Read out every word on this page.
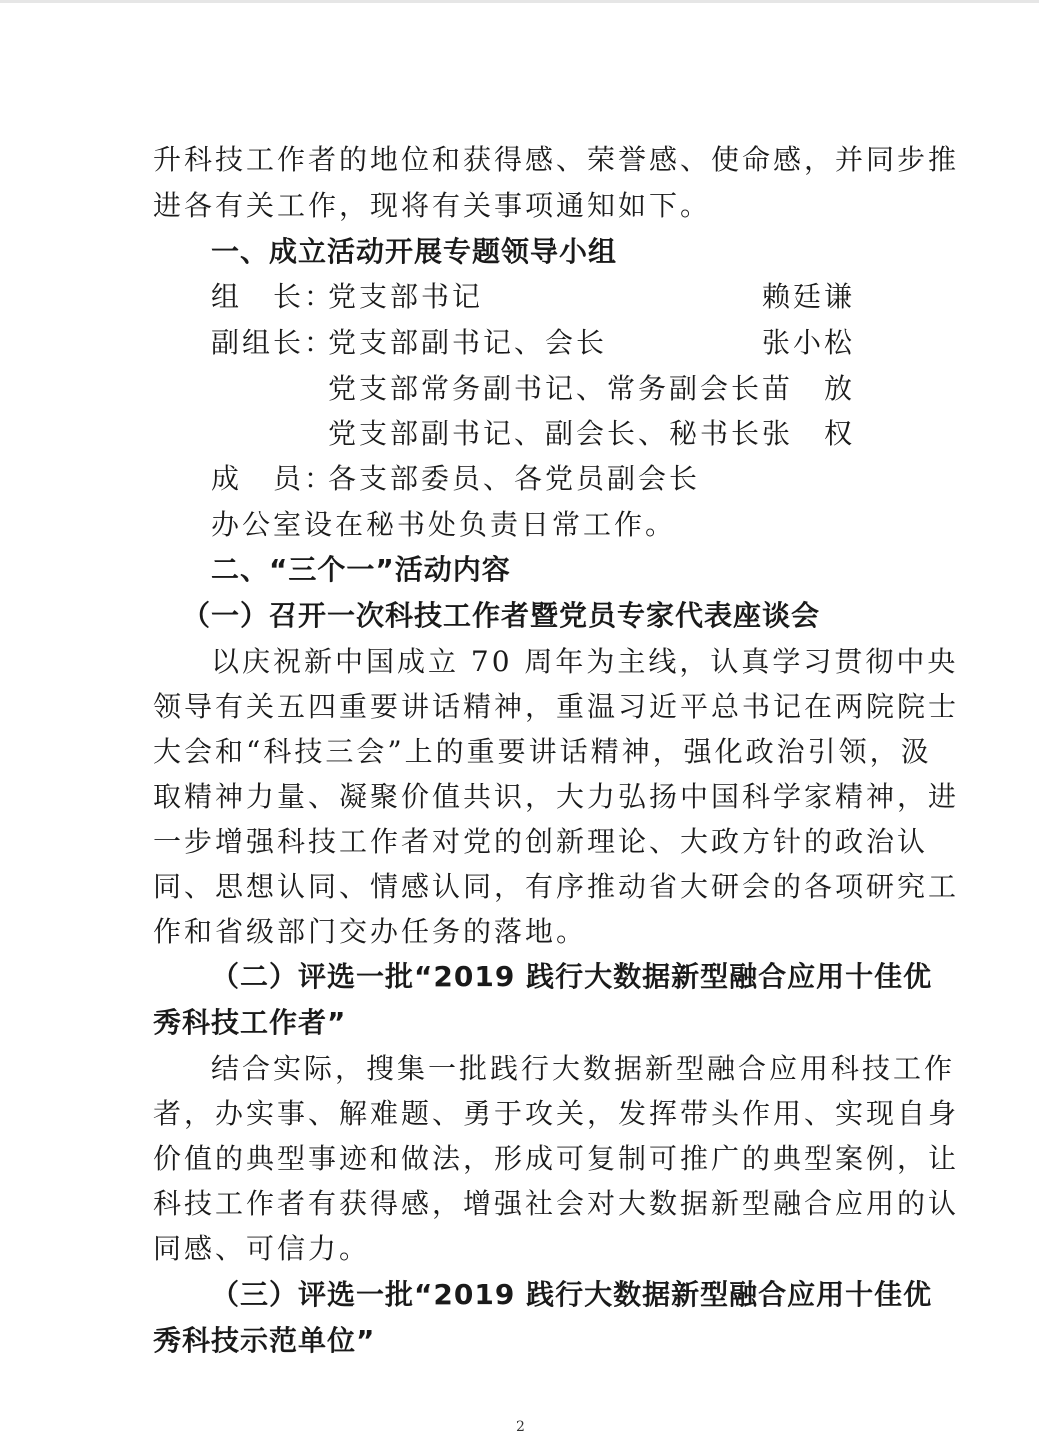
升科技工作者的地位和获得感、荣誉感、使命感，并同步推
进各有关工作，现将有关事项通知如下。
一、成立活动开展专题领导小组
组　长：
党支部书记	赖廷谦
副组长：
党支部副书记、会长	张小松
党支部常务副书记、常务副会长 苗　放
党支部副书记、副会长、秘书长 张　权
成　员：
各支部委员、各党员副会长
办公室设在秘书处负责日常工作。
二、“三个一”活动内容
（一）召开一次科技工作者暨党员专家代表座谈会
以庆祝新中国成立 70 周年为主线，认真学习贯彻中央
领导有关五四重要讲话精神，重温习近平总书记在两院院士
大会和“科技三会”上的重要讲话精神，强化政治引领，汲
取精神力量、凝聚价值共识，大力弘扬中国科学家精神，进
一步增强科技工作者对党的创新理论、大政方针的政治认
同、思想认同、情感认同，有序推动省大研会的各项研究工
作和省级部门交办任务的落地。
（二）评选一批“2019 践行大数据新型融合应用十佳优
秀科技工作者”
结合实际，搜集一批践行大数据新型融合应用科技工作
者，办实事、解难题、勇于攻关，发挥带头作用、实现自身
价值的典型事迹和做法，形成可复制可推广的典型案例，让
科技工作者有获得感，增强社会对大数据新型融合应用的认
同感、可信力。
（三）评选一批“2019 践行大数据新型融合应用十佳优
秀科技示范单位”
2
